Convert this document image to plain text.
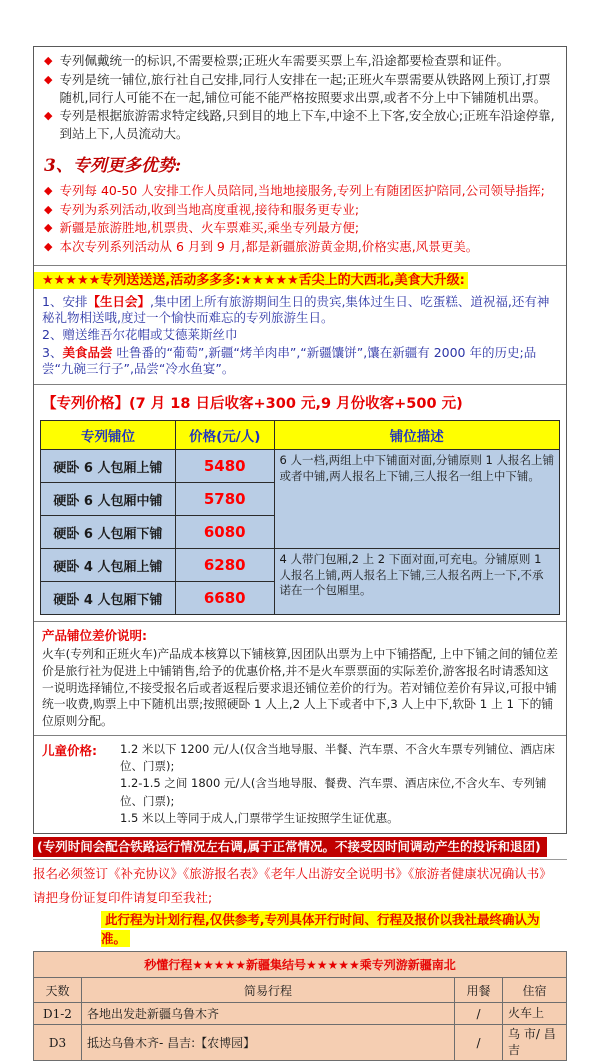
◆ 专列佩戴统一的标识,不需要检票;正班火车需要买票上车,沿途都要检查票和证件。
◆ 专列是统一铺位,旅行社自己安排,同行人安排在一起;正班火车票需要从铁路网上预订,打票随机,同行人可能不在一起,铺位可能不能严格按照要求出票,或者不分上中下铺随机出票。
◆ 专列是根据旅游需求特定线路,只到目的地上下车,中途不上下客,安全放心;正班车沿途停靠,到站上下,人员流动大。
3、专列更多优势:
◆ 专列每 40-50 人安排工作人员陪同,当地地接服务,专列上有随团医护陪同,公司领导指挥;
◆ 专列为系列活动,收到当地高度重视,接待和服务更专业;
◆ 新疆是旅游胜地,机票贵、火车票难买,乘坐专列最方便;
◆ 本次专列系列活动从 6 月到 9 月,都是新疆旅游黄金期,价格实惠,风景更美。
★★★★★专列送送送,活动多多多:★★★★★舌尖上的大西北,美食大升级:

1、安排【生日会】,集中团上所有旅游期间生日的贵宾,集体过生日、吃蛋糕、道祝福,还有神秘礼物相送哦,度过一个愉快而难忘的专列旅游生日。

2、赠送维吾尔花帽或艾德莱斯丝巾

3、美食品尝 吐鲁番的“葡萄”,新疆“烤羊肉串”,“新疆馕饼”,馕在新疆有 2000 年的历史;品尝“九碗三行子”,品尝“冷水鱼宴”。

【专列价格】(7 月 18 日后收客+300 元,9 月份收客+500 元)
专列铺位	价格(元/人)	铺位描述
硬卧 6 人包厢上铺	5480	6 人一档,两组上中下铺面对面,分铺原则 1 人报名上铺或者中铺,两人报名上下铺,三人报名一组上中下铺。
硬卧 6 人包厢中铺	5780	
硬卧 6 人包厢下铺	6080	
硬卧 4 人包厢上铺	6280	4 人带门包厢,2 上 2 下面对面,可充电。分铺原则 1 人报名上铺,两人报名上下铺,三人报名两上一下,不承诺在一个包厢里。
硬卧 4 人包厢下铺	6680	
产品铺位差价说明:
火车(专列和正班火车)产品成本核算以下铺核算,因团队出票为上中下铺搭配, 上中下铺之间的铺位差价是旅行社为促进上中铺销售,给予的优惠价格,并不是火车票票面的实际差价,游客报名时请悉知这一说明选择铺位,不接受报名后或者返程后要求退还铺位差价的行为。若对铺位差价有异议,可报中铺统一收费,购票上中下随机出票;按照硬卧 1 人上,2 人上下或者中下,3 人上中下,软卧 1 上 1 下的铺位原则分配。
儿童价格:	1.2 米以下 1200 元/人(仅含当地导服、半餐、汽车票、不含火车票专列铺位、酒店床位、门票);
1.2-1.5 之间 1800 元/人(含当地导服、餐费、汽车票、酒店床位,不含火车、专列铺位、门票);
1.5 米以上等同于成人,门票带学生证按照学生证优惠。
(专列时间会配合铁路运行情况左右调,属于正常情况。不接受因时间调动产生的投诉和退团)
报名必须签订《补充协议》《旅游报名表》《老年人出游安全说明书》《旅游者健康状况确认书》
请把身份证复印件请复印至我社;
此行程为计划行程,仅供参考,专列具体开行时间、行程及报价以我社最终确认为准。
秒懂行程★★★★★新疆集结号★★★★★乘专列游新疆南北			
天数	简易行程	用餐	住宿
D1-2	各地出发赴新疆乌鲁木齐	/	火车上
D3	抵达乌鲁木齐- 昌吉:【农博园】	/	乌 市/ 昌吉
